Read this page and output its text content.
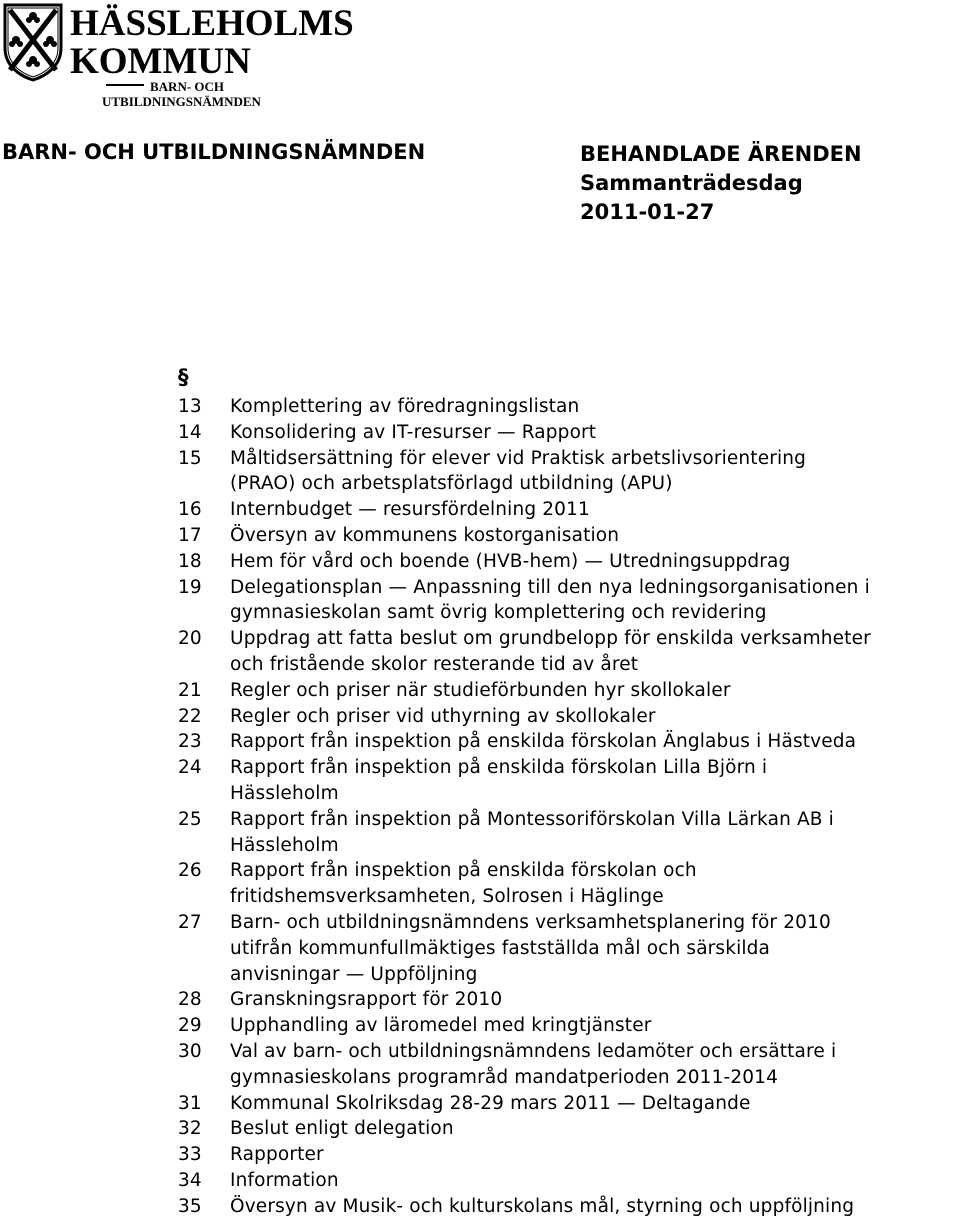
HÄSSLEHOLMS
KOMMUN
BARN- OCH
UTBILDNINGSNÄMNDEN
BARN- OCH UTBILDNINGSNÄMNDEN	BEHANDLADE ÄRENDEN
Sammanträdesdag
2011-01-27
§
13	Komplettering av föredragningslistan
14	Konsolidering av IT-resurser — Rapport
15	Måltidsersättning för elever vid Praktisk arbetslivsorientering
(PRAO) och arbetsplatsförlagd utbildning (APU)
16	Internbudget — resursfördelning 2011
17	Översyn av kommunens kostorganisation
18	Hem för vård och boende (HVB-hem) — Utredningsuppdrag
19	Delegationsplan — Anpassning till den nya ledningsorganisationen i
gymnasieskolan samt övrig komplettering och revidering
20	Uppdrag att fatta beslut om grundbelopp för enskilda verksamheter
och fristående skolor resterande tid av året
21	Regler och priser när studieförbunden hyr skollokaler
22	Regler och priser vid uthyrning av skollokaler
23	Rapport från inspektion på enskilda förskolan Änglabus i Hästveda
24	Rapport från inspektion på enskilda förskolan Lilla Björn i
Hässleholm
25	Rapport från inspektion på Montessoriförskolan Villa Lärkan AB i
Hässleholm
26	Rapport från inspektion på enskilda förskolan och
fritidshemsverksamheten, Solrosen i Häglinge
27	Barn- och utbildningsnämndens verksamhetsplanering för 2010
utifrån kommunfullmäktiges fastställda mål och särskilda
anvisningar — Uppföljning
28	Granskningsrapport för 2010
29	Upphandling av läromedel med kringtjänster
30	Val av barn- och utbildningsnämndens ledamöter och ersättare i
gymnasieskolans programråd mandatperioden 2011-2014
31	Kommunal Skolriksdag 28-29 mars 2011 — Deltagande
32	Beslut enligt delegation
33	Rapporter
34	Information
35	Översyn av Musik- och kulturskolans mål, styrning och uppföljning
